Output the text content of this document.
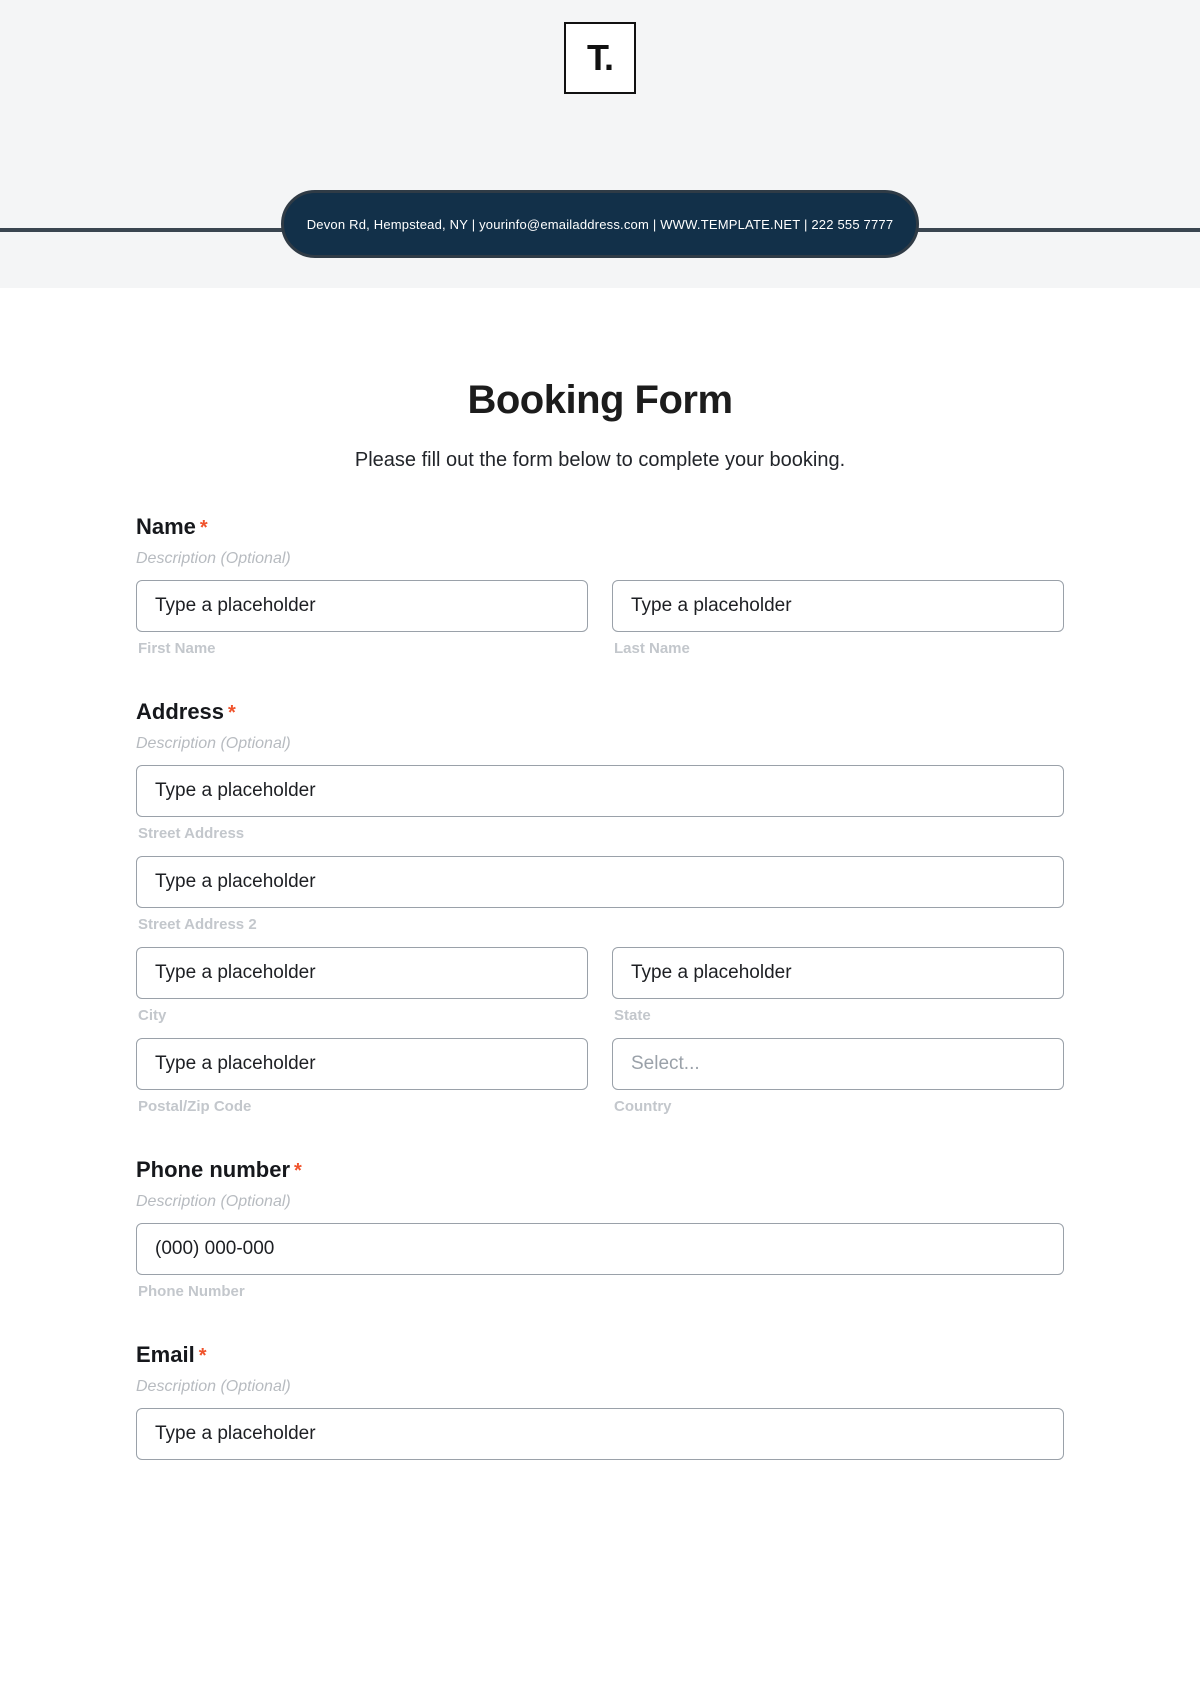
T.
Devon Rd, Hempstead, NY | yourinfo@emailaddress.com | WWW.TEMPLATE.NET | 222 555 7777
Booking Form

Please fill out the form below to complete your booking.

Name *
Description (Optional)
Type a placeholder
First Name
Type a placeholder
Last Name
Address *
Description (Optional)
Type a placeholder
Street Address
Type a placeholder
Street Address 2
Type a placeholder
City
Type a placeholder
State
Type a placeholder
Postal/Zip Code
Select...
Country
Phone number *
Description (Optional)
(000) 000-000
Phone Number
Email *
Description (Optional)
Type a placeholder
